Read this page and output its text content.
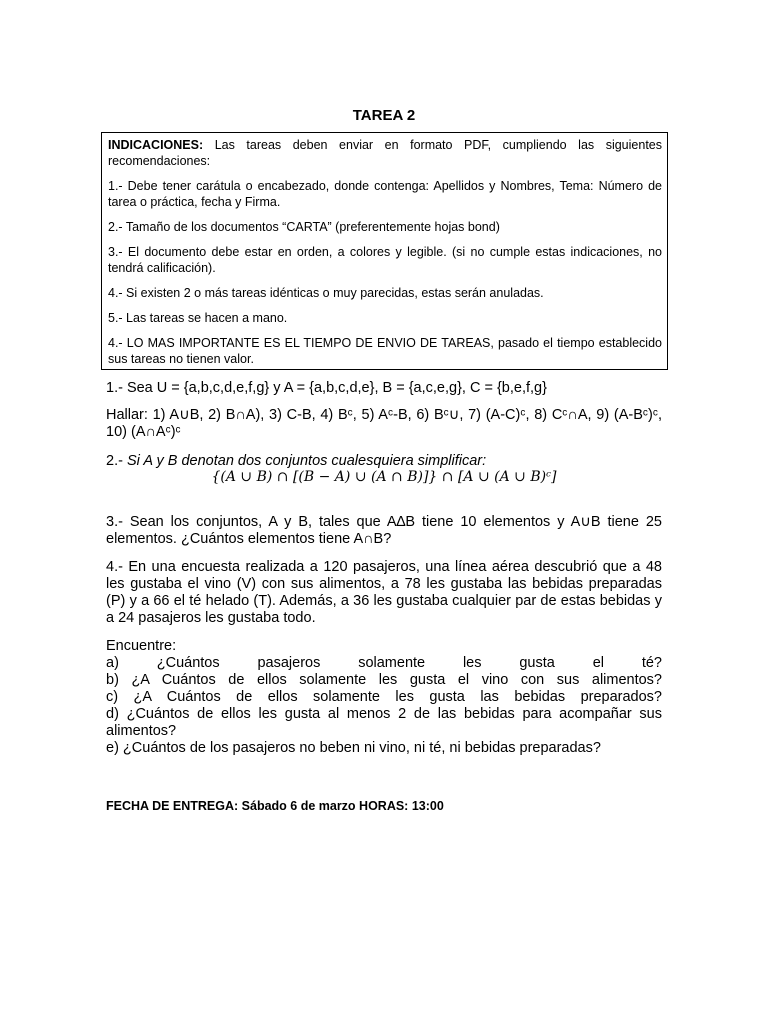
TAREA 2

INDICACIONES: Las tareas deben enviar en formato PDF, cumpliendo las siguientes recomendaciones:

1.- Debe tener carátula o encabezado, donde contenga: Apellidos y Nombres, Tema: Número de tarea o práctica, fecha y Firma.

2.- Tamaño de los documentos “CARTA” (preferentemente hojas bond)

3.- El documento debe estar en orden, a colores y legible. (si no cumple estas indicaciones, no tendrá calificación).

4.- Si existen 2 o más tareas idénticas o muy parecidas, estas serán anuladas.

5.- Las tareas se hacen a mano.

4.- LO MAS IMPORTANTE ES EL TIEMPO DE ENVIO DE TAREAS, pasado el tiempo establecido sus tareas no tienen valor.

1.- Sea U = {a,b,c,d,e,f,g} y A = {a,b,c,d,e}, B = {a,c,e,g}, C = {b,e,f,g}

Hallar: 1) A∪B, 2) B∩A), 3) C-B, 4) Bᶜ, 5) Aᶜ-B, 6) Bᶜ∪, 7) (A-C)ᶜ, 8) Cᶜ∩A, 9) (A-Bᶜ)ᶜ, 10) (A∩Aᶜ)ᶜ

2.- Si A y B denotan dos conjuntos cualesquiera simplificar:

{(A ∪ B) ∩ [(B − A) ∪ (A ∩ B)]} ∩ [A ∪ (A ∪ B)ᶜ]

3.- Sean los conjuntos, A y B, tales que A∆B tiene 10 elementos y A∪B tiene 25 elementos. ¿Cuántos elementos tiene A∩B?

4.- En una encuesta realizada a 120 pasajeros, una línea aérea descubrió que a 48 les gustaba el vino (V) con sus alimentos, a 78 les gustaba las bebidas preparadas (P) y a 66 el té helado (T). Además, a 36 les gustaba cualquier par de estas bebidas y a 24 pasajeros les gustaba todo.

Encuentre:

a) ¿Cuántos pasajeros solamente les gusta el té?

b) ¿A Cuántos de ellos solamente les gusta el vino con sus alimentos?

c) ¿A Cuántos de ellos solamente les gusta las bebidas preparados?

d) ¿Cuántos de ellos les gusta al menos 2 de las bebidas para acompañar sus alimentos?

e) ¿Cuántos de los pasajeros no beben ni vino, ni té, ni bebidas preparadas?

FECHA DE ENTREGA: Sábado 6 de marzo HORAS: 13:00
